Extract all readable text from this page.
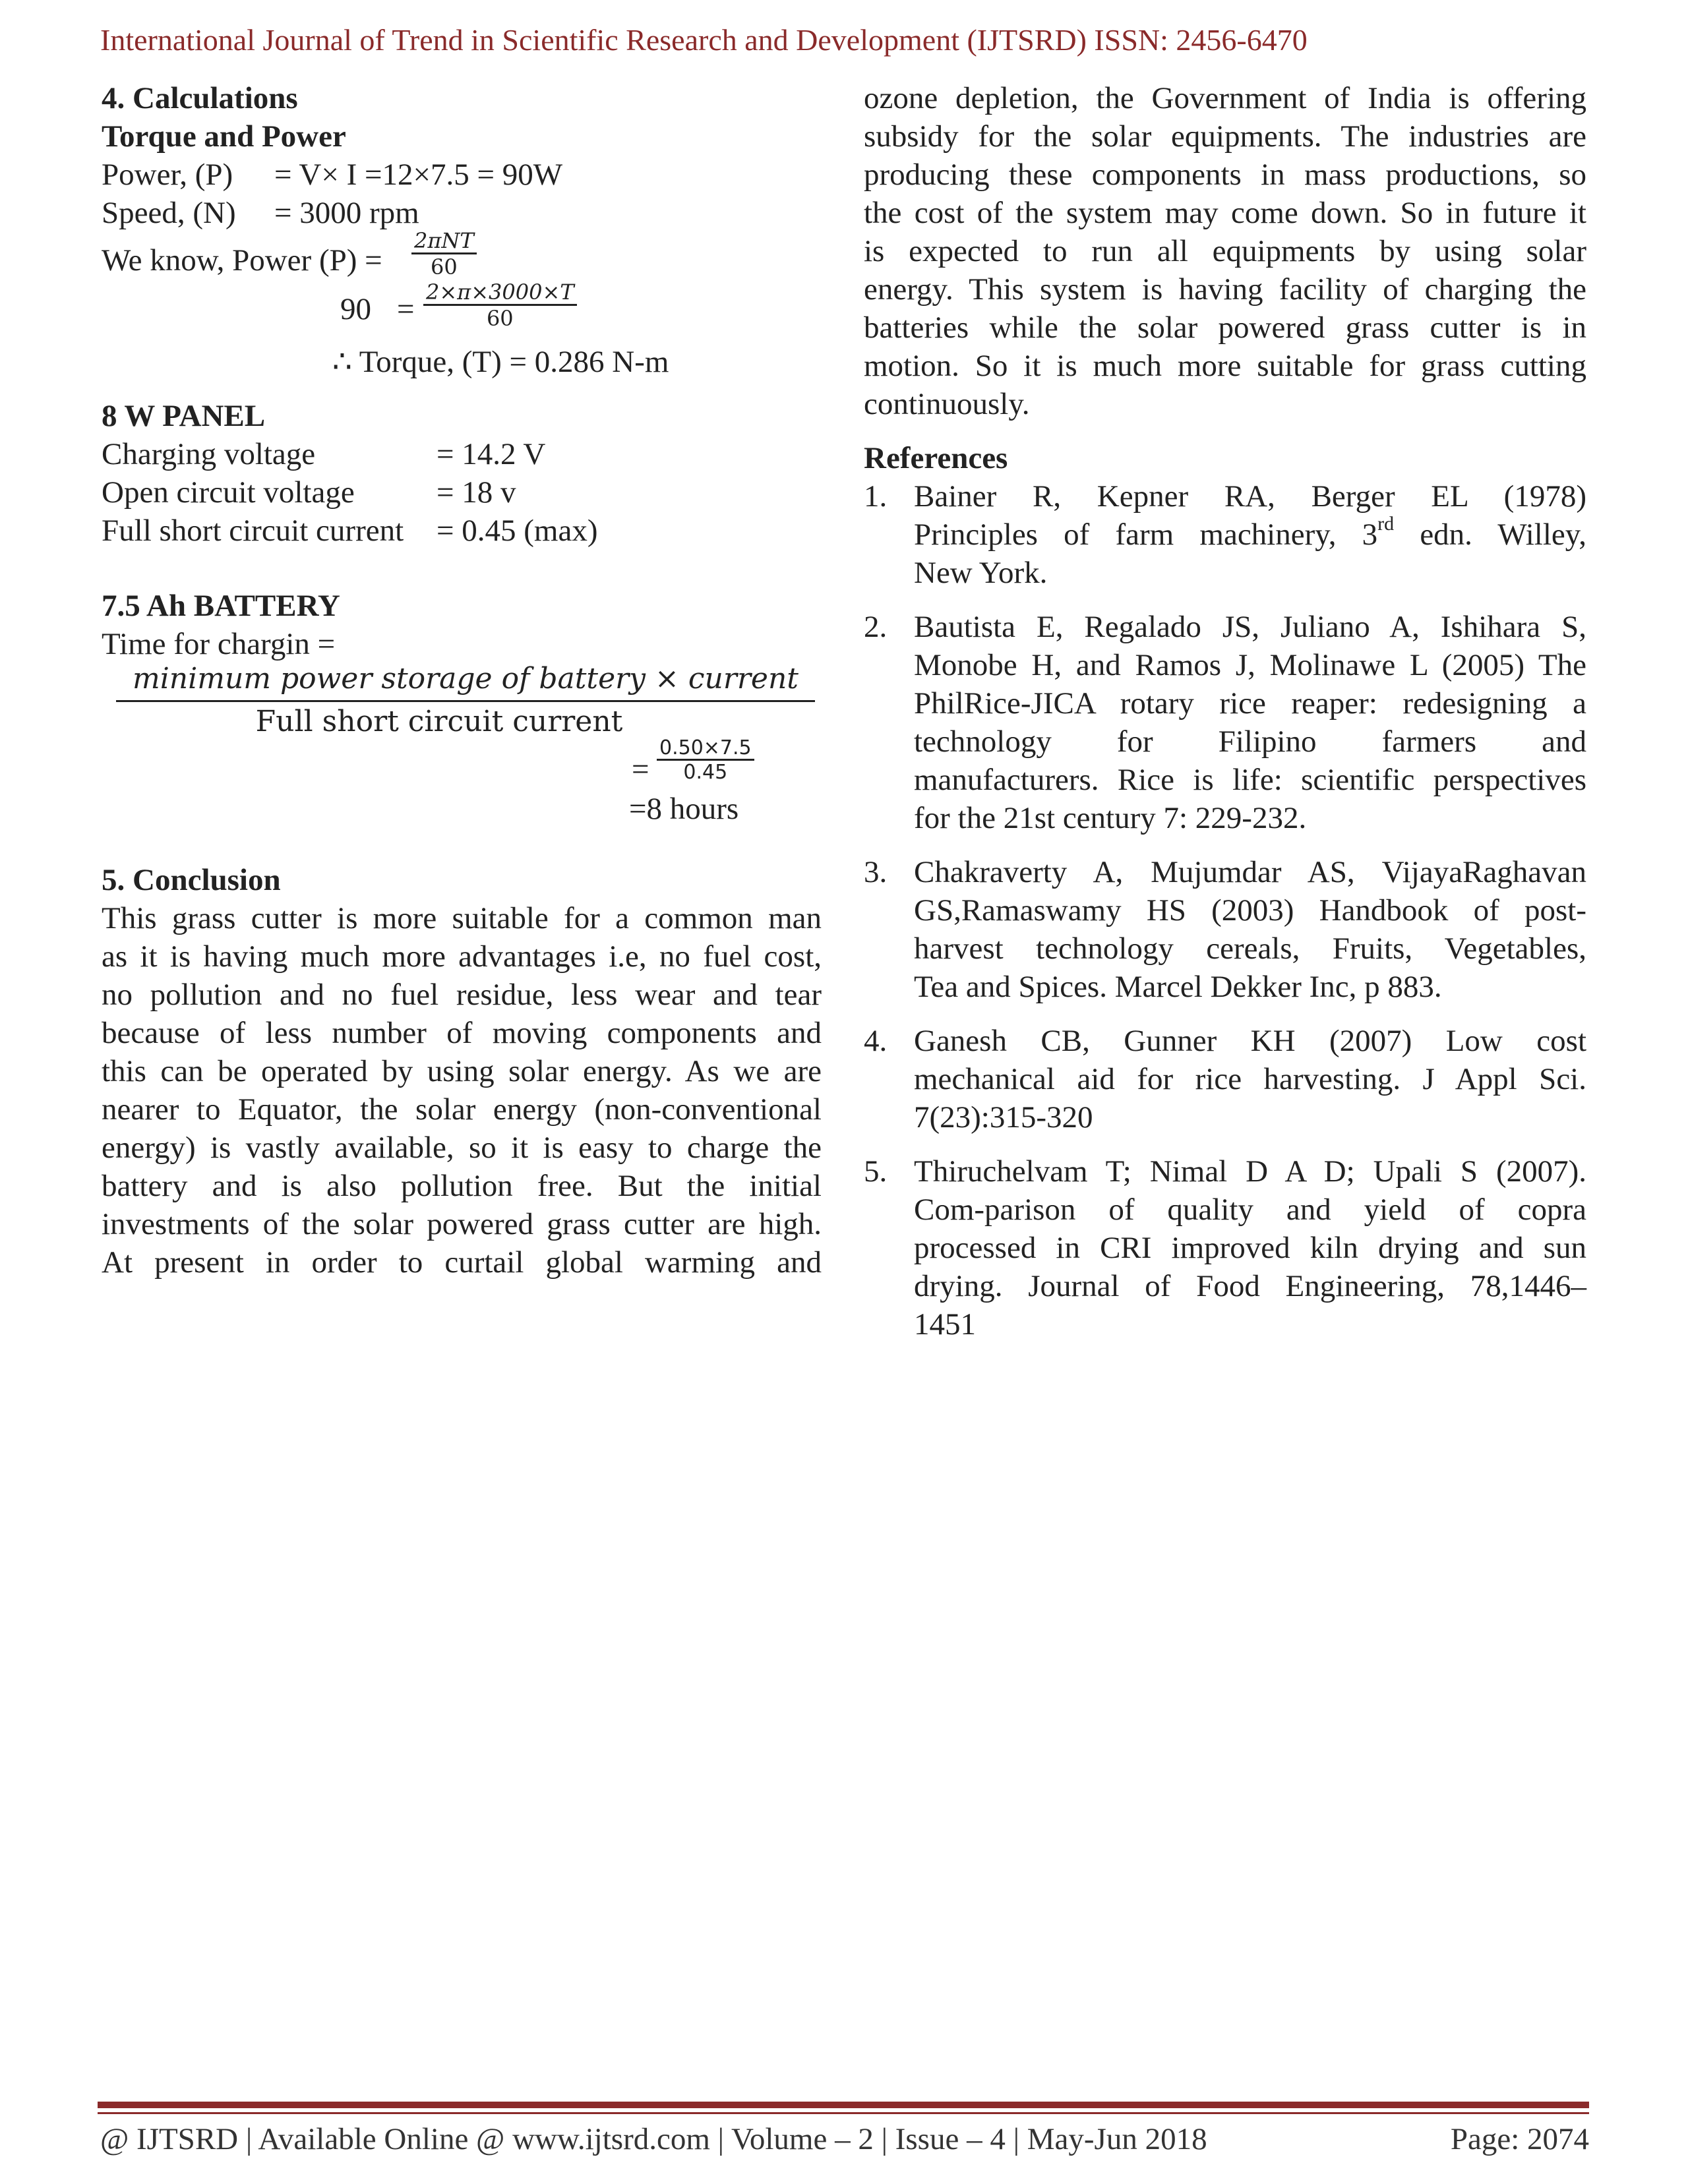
International Journal of Trend in Scientific Research and Development (IJTSRD) ISSN: 2456-6470
4. Calculations
Torque and Power
Power, (P) = V× I =12×7.5 = 90W
Speed, (N) = 3000 rpm
We know, Power (P) =
2πNT
60
$90 = \frac{2\times\pi\times 3000\times T}{60}$
∴ Torque, (T) = 0.286 N-m
8 W PANEL
Charging voltage	= 14.2 V
Open circuit voltage	= 18 v
Full short circuit current = 0.45 (max)
7.5 Ah BATTERY
Time for chargin =
minimum power storage of battery × current
Full short circuit current
= $\frac{0.50\times 7.5}{0.45}$
=8 hours
5. Conclusion
This grass cutter is more suitable for a common man
as it is having much more advantages i.e, no fuel cost,
no pollution and no fuel residue, less wear and tear
because of less number of moving components and
this can be operated by using solar energy. As we are
nearer to Equator, the solar energy (non-conventional
energy) is vastly available, so it is easy to charge the
battery and is also pollution free. But the initial
investments of the solar powered grass cutter are high.
At present in order to curtail global warming and
ozone depletion, the Government of India is offering
subsidy for the solar equipments. The industries are
producing these components in mass productions, so
the cost of the system may come down. So in future it
is expected to run all equipments by using solar
energy. This system is having facility of charging the
batteries while the solar powered grass cutter is in
motion. So it is much more suitable for grass cutting
continuously.
References
1. Bainer R, Kepner RA, Berger EL (1978)
Principles of farm machinery, 3rd edn. Willey,
New York.
2. Bautista E, Regalado JS, Juliano A, Ishihara S,
Monobe H, and Ramos J, Molinawe L (2005) The
PhilRice-JICA rotary rice reaper: redesigning a
technology for Filipino farmers and
manufacturers. Rice is life: scientific perspectives
for the 21st century 7: 229-232.
3. Chakraverty A, Mujumdar AS, VijayaRaghavan
GS,Ramaswamy HS (2003) Handbook of post-
harvest technology cereals, Fruits, Vegetables,
Tea and Spices. Marcel Dekker Inc, p 883.
4. Ganesh CB, Gunner KH (2007) Low cost
mechanical aid for rice harvesting. J Appl Sci.
7(23):315-320
5. Thiruchelvam T; Nimal D A D; Upali S (2007).
Com-parison of quality and yield of copra
processed in CRI improved kiln drying and sun
drying. Journal of Food Engineering, 78,1446–
1451
@ IJTSRD | Available Online @ www.ijtsrd.com | Volume – 2 | Issue – 4 | May-Jun 2018	Page: 2074
